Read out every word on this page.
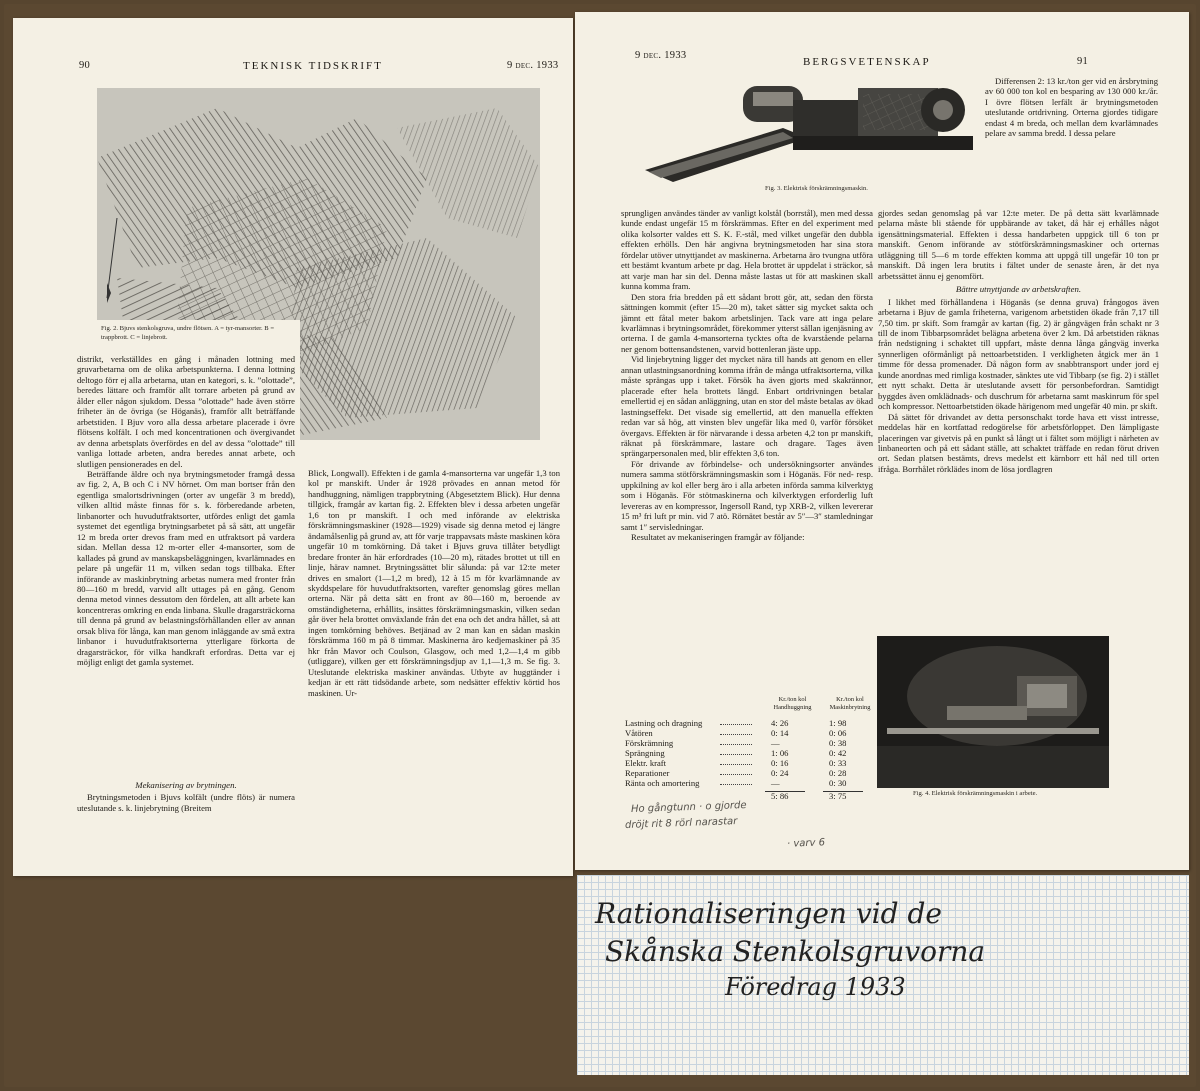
90	TEKNISK TIDSKRIFT	9 dec. 1933
Fig. 2. Bjuvs stenkolsgruva, undre flötsen. A = tyr-mansorter. B = trappbrott. C = linjebrott.

distrikt, verkställdes en gång i månaden lottning med gruvarbetarna om de olika arbetspunkterna. I denna lottning deltogo förr ej alla arbetarna, utan en kategori, s. k. ”olottade”, beredes lättare och framför allt torrare arbeten på grund av ålder eller någon sjukdom. Dessa ”olottade” hade även större friheter än de övriga (se Höganäs), framför allt beträffande arbetstiden. I Bjuv voro alla dessa arbetare placerade i övre flötsens kolfält. I och med koncentrationen och övergivandet av denna arbetsplats överfördes en del av dessa ”olottade” till vanliga lottade arbeten, andra beredes annat arbete, och slutligen pensionerades en del.

Beträffande äldre och nya brytningsmetoder framgå dessa av fig. 2, A, B och C i NV hörnet. Om man bortser från den egentliga smalortsdrivningen (orter av ungefär 3 m bredd), vilken alltid måste finnas för s. k. förberedande arbeten, linbanorter och huvudutfraktsorter, utfördes enligt det gamla systemet det egentliga brytningsarbetet på så sätt, att ungefär 12 m breda orter drevos fram med en utfraktsort på vardera sidan. Mellan dessa 12 m-orter eller 4-mansorter, som de kallades på grund av manskapsbeläggningen, kvarlämnades en pelare på ungefär 11 m, vilken sedan togs tillbaka. Efter införande av maskinbrytning arbetas numera med fronter från 80—160 m bredd, varvid allt uttages på en gång. Genom denna metod vinnes dessutom den fördelen, att allt arbete kan koncentreras omkring en enda linbana. Skulle dragarsträckorna till denna på grund av belastningsförhållanden eller av annan orsak bliva för långa, kan man genom inläggande av små extra linbanor i huvudutfraktsorterna ytterligare förkorta de dragarsträckor, för vilka handkraft erfordras. Detta var ej möjligt enligt det gamla systemet.

Mekanisering av brytningen.

Brytningsmetoden i Bjuvs kolfält (undre flöts) är numera uteslutande s. k. linjebrytning (Breitem

Blick, Longwall). Effekten i de gamla 4-mansorterna var ungefär 1,3 ton kol pr manskift. Under år 1928 prövades en annan metod för handhuggning, nämligen trappbrytning (Abgesetztem Blick). Hur denna tillgick, framgår av kartan fig. 2. Effekten blev i dessa arbeten ungefär 1,6 ton pr manskift. I och med införande av elektriska förskrämningsmaskiner (1928—1929) visade sig denna metod ej längre ändamålsenlig på grund av, att för varje trappavsats måste maskinen köra ungefär 10 m tomkörning. Då taket i Bjuvs gruva tillåter betydligt bredare fronter än här erfordrades (10—20 m), rätades brottet ut till en linje, härav namnet. Brytningssättet blir sålunda: på var 12:te meter drives en smalort (1—1,2 m bred), 12 à 15 m för kvarlämnande av skyddspelare för huvudutfraktsorten, varefter genomslag göres mellan orterna. När på detta sätt en front av 80—160 m, beroende av omständigheterna, erhållits, insättes förskrämningsmaskin, vilken sedan går över hela brottet omväxlande från det ena och det andra hållet, så att ingen tomkörning behöves. Betjänad av 2 man kan en sådan maskin förskrämma 160 m på 8 timmar. Maskinerna äro kedjemaskiner på 35 hkr från Mavor och Coulson, Glasgow, och med 1,2—1,4 m gibb (utliggare), vilken ger ett förskrämningsdjup av 1,1—1,3 m. Se fig. 3. Uteslutande elektriska maskiner användas. Utbyte av huggtänder i kedjan är ett rätt tidsödande arbete, som nedsätter effektiv körtid hos maskinen. Ur-

9 dec. 1933
BERGSVETENSKAP	91
Fig. 3. Elektrisk förskrämningsmaskin.

Differensen 2: 13 kr./ton ger vid en årsbrytning av 60 000 ton kol en besparing av 130 000 kr./år. I övre flötsen lerfält är brytningsmetoden uteslutande ortdrivning. Orterna gjordes tidigare endast 4 m breda, och mellan dem kvarlämnades pelare av samma bredd. I dessa pelare

sprungligen användes tänder av vanligt kolstål (borrstål), men med dessa kunde endast ungefär 15 m förskrämmas. Efter en del experiment med olika kolsorter valdes ett S. K. F.-stål, med vilket ungefär den dubbla effekten erhölls. Den här angivna brytningsmetoden har sina stora fördelar utöver utnyttjandet av maskinerna. Arbetarna äro tvungna utföra ett bestämt kvantum arbete pr dag. Hela brottet är uppdelat i sträckor, så att varje man har sin del. Denna måste lastas ut för att maskinen skall kunna komma fram.

Den stora fria bredden på ett sådant brott gör, att, sedan den första sättningen kommit (efter 15—20 m), taket sätter sig mycket sakta och jämnt ett fåtal meter bakom arbetslinjen. Tack vare att inga pelare kvarlämnas i brytningsområdet, förekommer ytterst sällan igenjäsning av orterna. I de gamla 4-mansorterna tycktes ofta de kvarstående pelarna ner genom bottensandstenen, varvid bottenleran jäste upp.

Vid linjebrytning ligger det mycket nära till hands att genom en eller annan utlastningsanordning komma ifrån de många utfraktsorterna, vilka måste sprängas upp i taket. Försök ha även gjorts med skakrännor, placerade efter hela brottets längd. Enbart ortdrivningen betalar emellertid ej en sådan anläggning, utan en stor del måste betalas av ökad lastningseffekt. Det visade sig emellertid, att den manuella effekten redan var så hög, att vinsten blev ungefär lika med 0, varför försöket övergavs. Effekten är för närvarande i dessa arbeten 4,2 ton pr manskift, räknat på förskrämmare, lastare och dragare. Tages även sprängarpersonalen med, blir effekten 3,6 ton.

För drivande av förbindelse- och undersökningsorter användes numera samma stötförskrämningsmaskin som i Höganäs. För ned- resp. uppkilning av kol eller berg äro i alla arbeten införda samma kilverktyg som i Höganäs. För stötmaskinerna och kilverktygen erforderlig luft levereras av en kompressor, Ingersoll Rand, typ XRB-2, vilken levererar 15 m³ fri luft pr min. vid 7 atö. Rörnätet består av 5″—3″ stamledningar samt 1″ servisledningar.

Resultatet av mekaniseringen framgår av följande:

gjordes sedan genomslag på var 12:te meter. De på detta sätt kvarlämnade pelarna måste bli stående för uppbärande av taket, då här ej erhålles något igensättningsmaterial. Effekten i dessa handarbeten uppgick till 6 ton pr manskift. Genom införande av stötförskrämningsmaskiner och orternas utläggning till 5—6 m torde effekten komma att uppgå till ungefär 10 ton pr manskift. Då ingen lera brutits i fältet under de senaste åren, är det nya arbetssättet ännu ej genomfört.

Bättre utnyttjande av arbetskraften.

I likhet med förhållandena i Höganäs (se denna gruva) frångogos även arbetarna i Bjuv de gamla friheterna, varigenom arbetstiden ökade från 7,17 till 7,50 tim. pr skift. Som framgår av kartan (fig. 2) är gångvägen från schakt nr 3 till de inom Tibbarpsområdet belägna arbetena över 2 km. Då arbetstiden räknas från nedstigning i schaktet till uppfart, måste denna långa gångväg inverka synnerligen oförmånligt på nettoarbetstiden. I verkligheten åtgick mer än 1 timme för dessa promenader. Då någon form av snabbtransport under jord ej kunde anordnas med rimliga kostnader, sänktes ute vid Tibbarp (se fig. 2) i stället ett nytt schakt. Detta är uteslutande avsett för personbefordran. Samtidigt byggdes även omklädnads- och duschrum för arbetarna samt maskinrum för spel och kompressor. Nettoarbetstiden ökade härigenom med ungefär 40 min. pr skift.

Då sättet för drivandet av detta personschakt torde hava ett visst intresse, meddelas här en kortfattad redogörelse för arbetsförloppet. Den lämpligaste placeringen var givetvis på en punkt så långt ut i fältet som möjligt i närheten av linbaneorten och på ett sådant ställe, att schaktet träffade en redan förut driven ort. Sedan platsen bestämts, drevs medelst ett kärnborr ett hål ned till orten ifråga. Borrhålet rörklädes inom de lösa jordlagren

Fig. 4. Elektrisk förskrämningsmaskin i arbete.
Kr./ton kol Handhuggning
Kr./ton kol Maskinbrytning
Lastning och dragning	4: 26	1: 98
Våtören	0: 14	0: 06
Förskrämning	—	0: 38
Sprängning	1: 06	0: 42
Elektr. kraft	0: 16	0: 33
Reparationer	0: 24	0: 28
Ränta och amortering	—	0: 30
5: 86	3: 75
Ho gångtunn · o gjorde
dröjt rit 8 rörl narastar
· varv 6
Rationaliseringen vid de
Skånska Stenkolsgruvorna
Föredrag 1933
